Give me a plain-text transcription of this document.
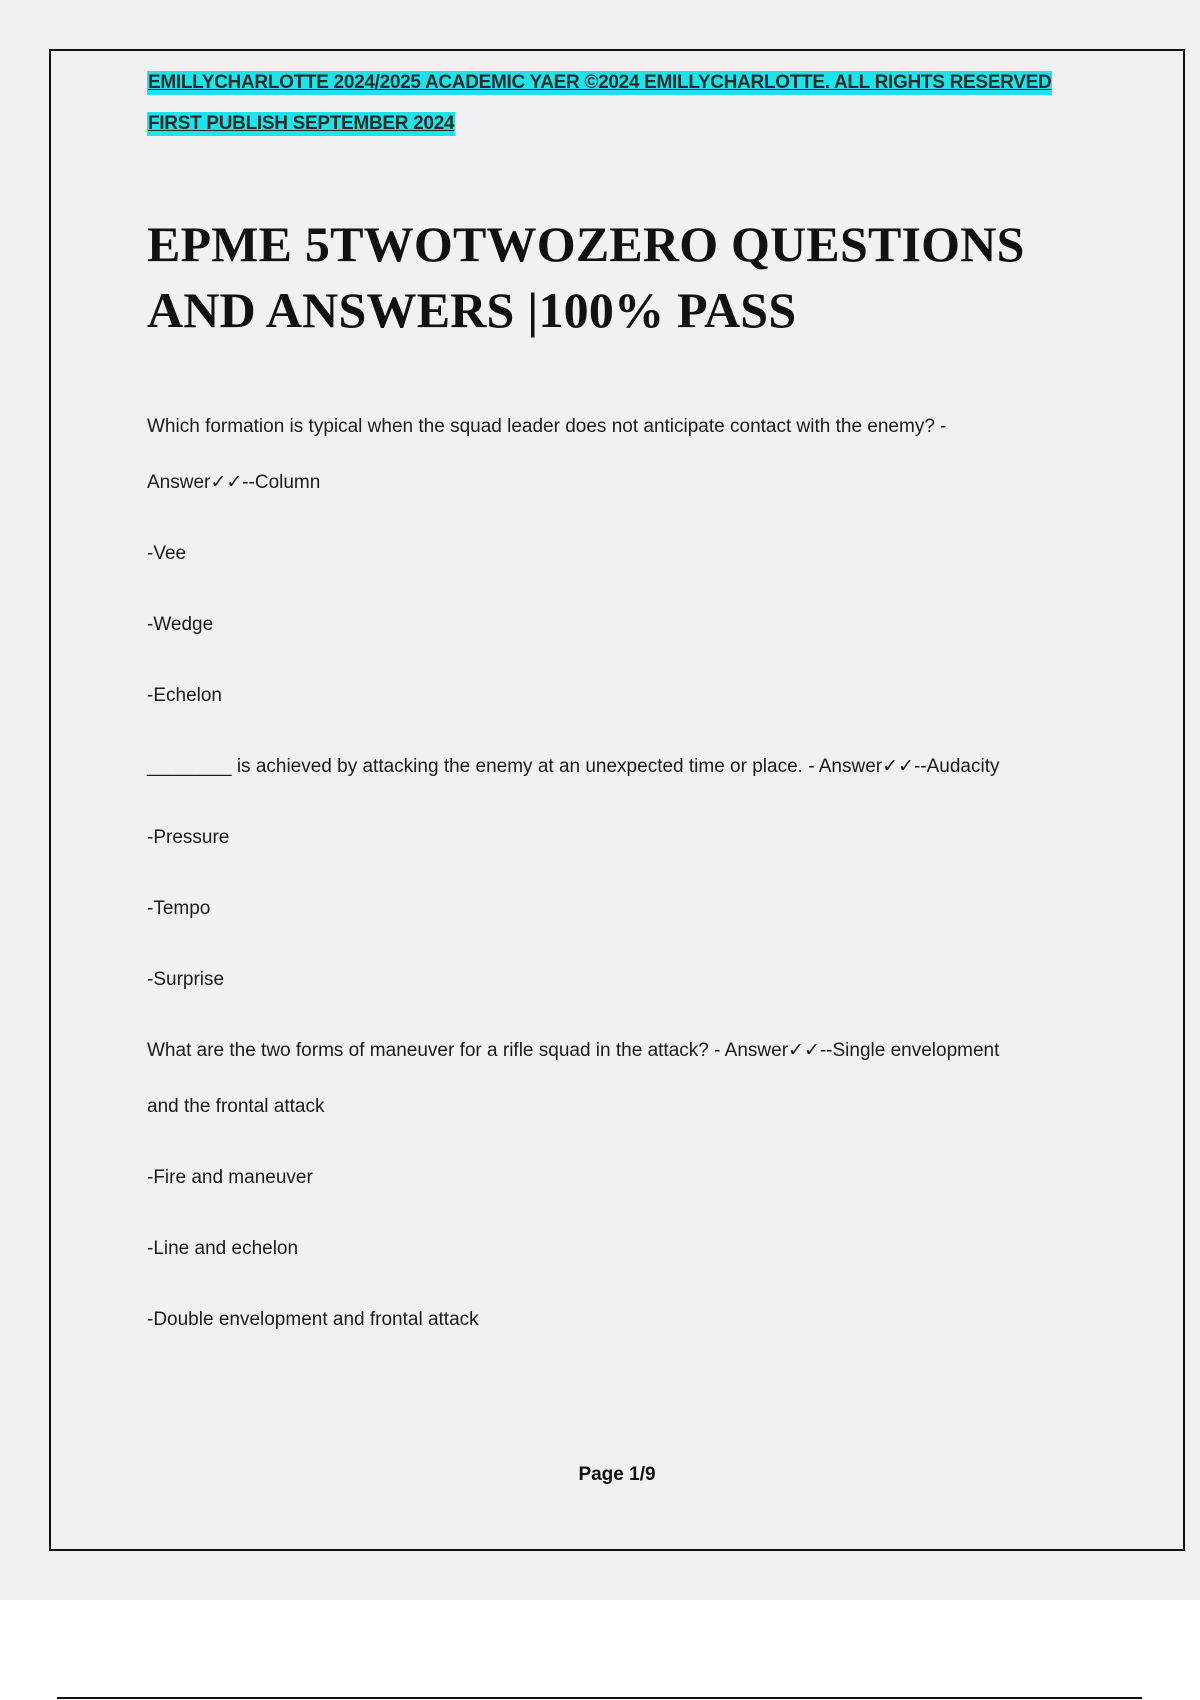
EMILLYCHARLOTTE 2024/2025 ACADEMIC YAER ©2024 EMILLYCHARLOTTE. ALL RIGHTS RESERVED
FIRST PUBLISH SEPTEMBER 2024
EPME 5TWOTWOZERO QUESTIONS
AND ANSWERS |100% PASS
Which formation is typical when the squad leader does not anticipate contact with the enemy? -
Answer✓✓--Column
-Vee
-Wedge
-Echelon
________ is achieved by attacking the enemy at an unexpected time or place. - Answer✓✓--Audacity
-Pressure
-Tempo
-Surprise
What are the two forms of maneuver for a rifle squad in the attack? - Answer✓✓--Single envelopment
and the frontal attack
-Fire and maneuver
-Line and echelon
-Double envelopment and frontal attack
Page 1/9
